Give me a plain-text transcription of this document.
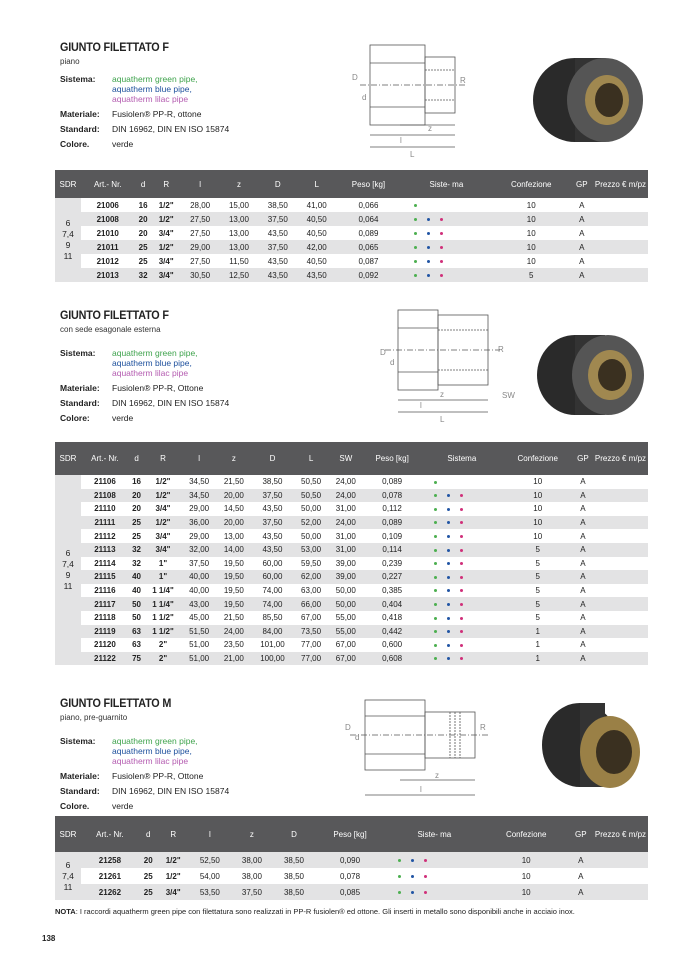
GIUNTO FILETTATO F
piano
Sistema:	aquatherm green pipe,
aquatherm blue pipe,
aquatherm lilac pipe
Materiale:	Fusiolen® PP-R, ottone
Standard:	DIN 16962, DIN EN ISO 15874
Colore.	verde
GIUNTO FILETTATO F
con sede esagonale esterna
Sistema:	aquatherm green pipe,
aquatherm blue pipe,
aquatherm lilac pipe
Materiale:	Fusiolen® PP-R, Ottone
Standard:	DIN 16962, DIN EN ISO 15874
Colore:	verde
GIUNTO FILETTATO M
piano, pre-guarnito
Sistema:	aquatherm green pipe,
aquatherm blue pipe,
aquatherm lilac pipe
Materiale:	Fusiolen® PP-R, Ottone
Standard:	DIN 16962, DIN EN ISO 15874
Colore.	verde
D
d
R
z
l
L
D
d
R
z
l
L
SW
D
d
R
z
l
SDR	Art.- Nr.	d	R	l	z	D	L	Peso [kg]	Siste- ma	Confezione	GP	Prezzo € m/pz

6
7,4
9
11	21006	16	1/2"	28,00	15,00	38,50	41,00	0,066		10	A	
	21008	20	1/2"	27,50	13,00	37,50	40,50	0,064		10	A	
	21010	20	3/4"	27,50	13,00	43,50	40,50	0,089		10	A	
	21011	25	1/2"	29,00	13,00	37,50	42,00	0,065		10	A	
	21012	25	3/4"	27,50	11,50	43,50	40,50	0,087		10	A	
	21013	32	3/4"	30,50	12,50	43,50	43,50	0,092		5	A	
SDR	Art.- Nr.	d	R	l	z	D	L	SW	Peso [kg]	Sistema	Confezione	GP	Prezzo € m/pz

6
7,4
9
11	21106	16	1/2"	34,50	21,50	38,50	50,50	24,00	0,089		10	A	
	21108	20	1/2"	34,50	20,00	37,50	50,50	24,00	0,078		10	A	
	21110	20	3/4"	29,00	14,50	43,50	50,00	31,00	0,112		10	A	
	21111	25	1/2"	36,00	20,00	37,50	52,00	24,00	0,089		10	A	
	21112	25	3/4"	29,00	13,00	43,50	50,00	31,00	0,109		10	A	
	21113	32	3/4"	32,00	14,00	43,50	53,00	31,00	0,114		5	A	
	21114	32	1"	37,50	19,50	60,00	59,50	39,00	0,239		5	A	
	21115	40	1"	40,00	19,50	60,00	62,00	39,00	0,227		5	A	
	21116	40	1 1/4"	40,00	19,50	74,00	63,00	50,00	0,385		5	A	
	21117	50	1 1/4"	43,00	19,50	74,00	66,00	50,00	0,404		5	A	
	21118	50	1 1/2"	45,00	21,50	85,50	67,00	55,00	0,418		5	A	
	21119	63	1 1/2"	51,50	24,00	84,00	73,50	55,00	0,442		1	A	
	21120	63	2"	51,00	23,50	101,00	77,00	67,00	0,600		1	A	
	21122	75	2"	51,00	21,00	100,00	77,00	67,00	0,608		1	A	
SDR	Art.- Nr.	d	R	l	z	D	Peso [kg]	Siste- ma	Confezione	GP	Prezzo € m/pz

6
7,4
11	21258	20	1/2"	52,50	38,00	38,50	0,090		10	A	
	21261	25	1/2"	54,00	38,00	38,50	0,078		10	A	
	21262	25	3/4"	53,50	37,50	38,50	0,085		10	A	
NOTA: I raccordi aquatherm green pipe con filettatura sono realizzati in PP-R fusiolen® ed ottone. Gli inserti in metallo sono disponibili anche in acciaio inox.
138
